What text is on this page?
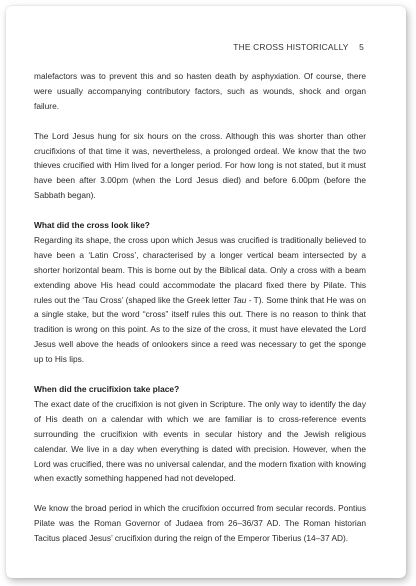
THE CROSS HISTORICALLY 5

malefactors was to prevent this and so hasten death by asphyxiation. Of course, there were usually accompanying contributory factors, such as wounds, shock and organ failure.

The Lord Jesus hung for six hours on the cross. Although this was shorter than other crucifixions of that time it was, nevertheless, a prolonged ordeal. We know that the two thieves crucified with Him lived for a longer period. For how long is not stated, but it must have been after 3.00pm (when the Lord Jesus died) and before 6.00pm (before the Sabbath began).

What did the cross look like?

Regarding its shape, the cross upon which Jesus was crucified is traditionally believed to have been a ‘Latin Cross’, characterised by a longer vertical beam intersected by a shorter horizontal beam. This is borne out by the Biblical data. Only a cross with a beam extending above His head could accommodate the placard fixed there by Pilate. This rules out the ‘Tau Cross’ (shaped like the Greek letter Tau - T). Some think that He was on a single stake, but the word “cross” itself rules this out. There is no reason to think that tradition is wrong on this point. As to the size of the cross, it must have elevated the Lord Jesus well above the heads of onlookers since a reed was necessary to get the sponge up to His lips.

When did the crucifixion take place?

The exact date of the crucifixion is not given in Scripture. The only way to identify the day of His death on a calendar with which we are familiar is to cross-reference events surrounding the crucifixion with events in secular history and the Jewish religious calendar. We live in a day when everything is dated with precision. However, when the Lord was crucified, there was no universal calendar, and the modern fixation with knowing when exactly something happened had not developed.

We know the broad period in which the crucifixion occurred from secular records. Pontius Pilate was the Roman Governor of Judaea from 26–36/37 AD. The Roman historian Tacitus placed Jesus’ crucifixion during the reign of the Emperor Tiberius (14–37 AD).
